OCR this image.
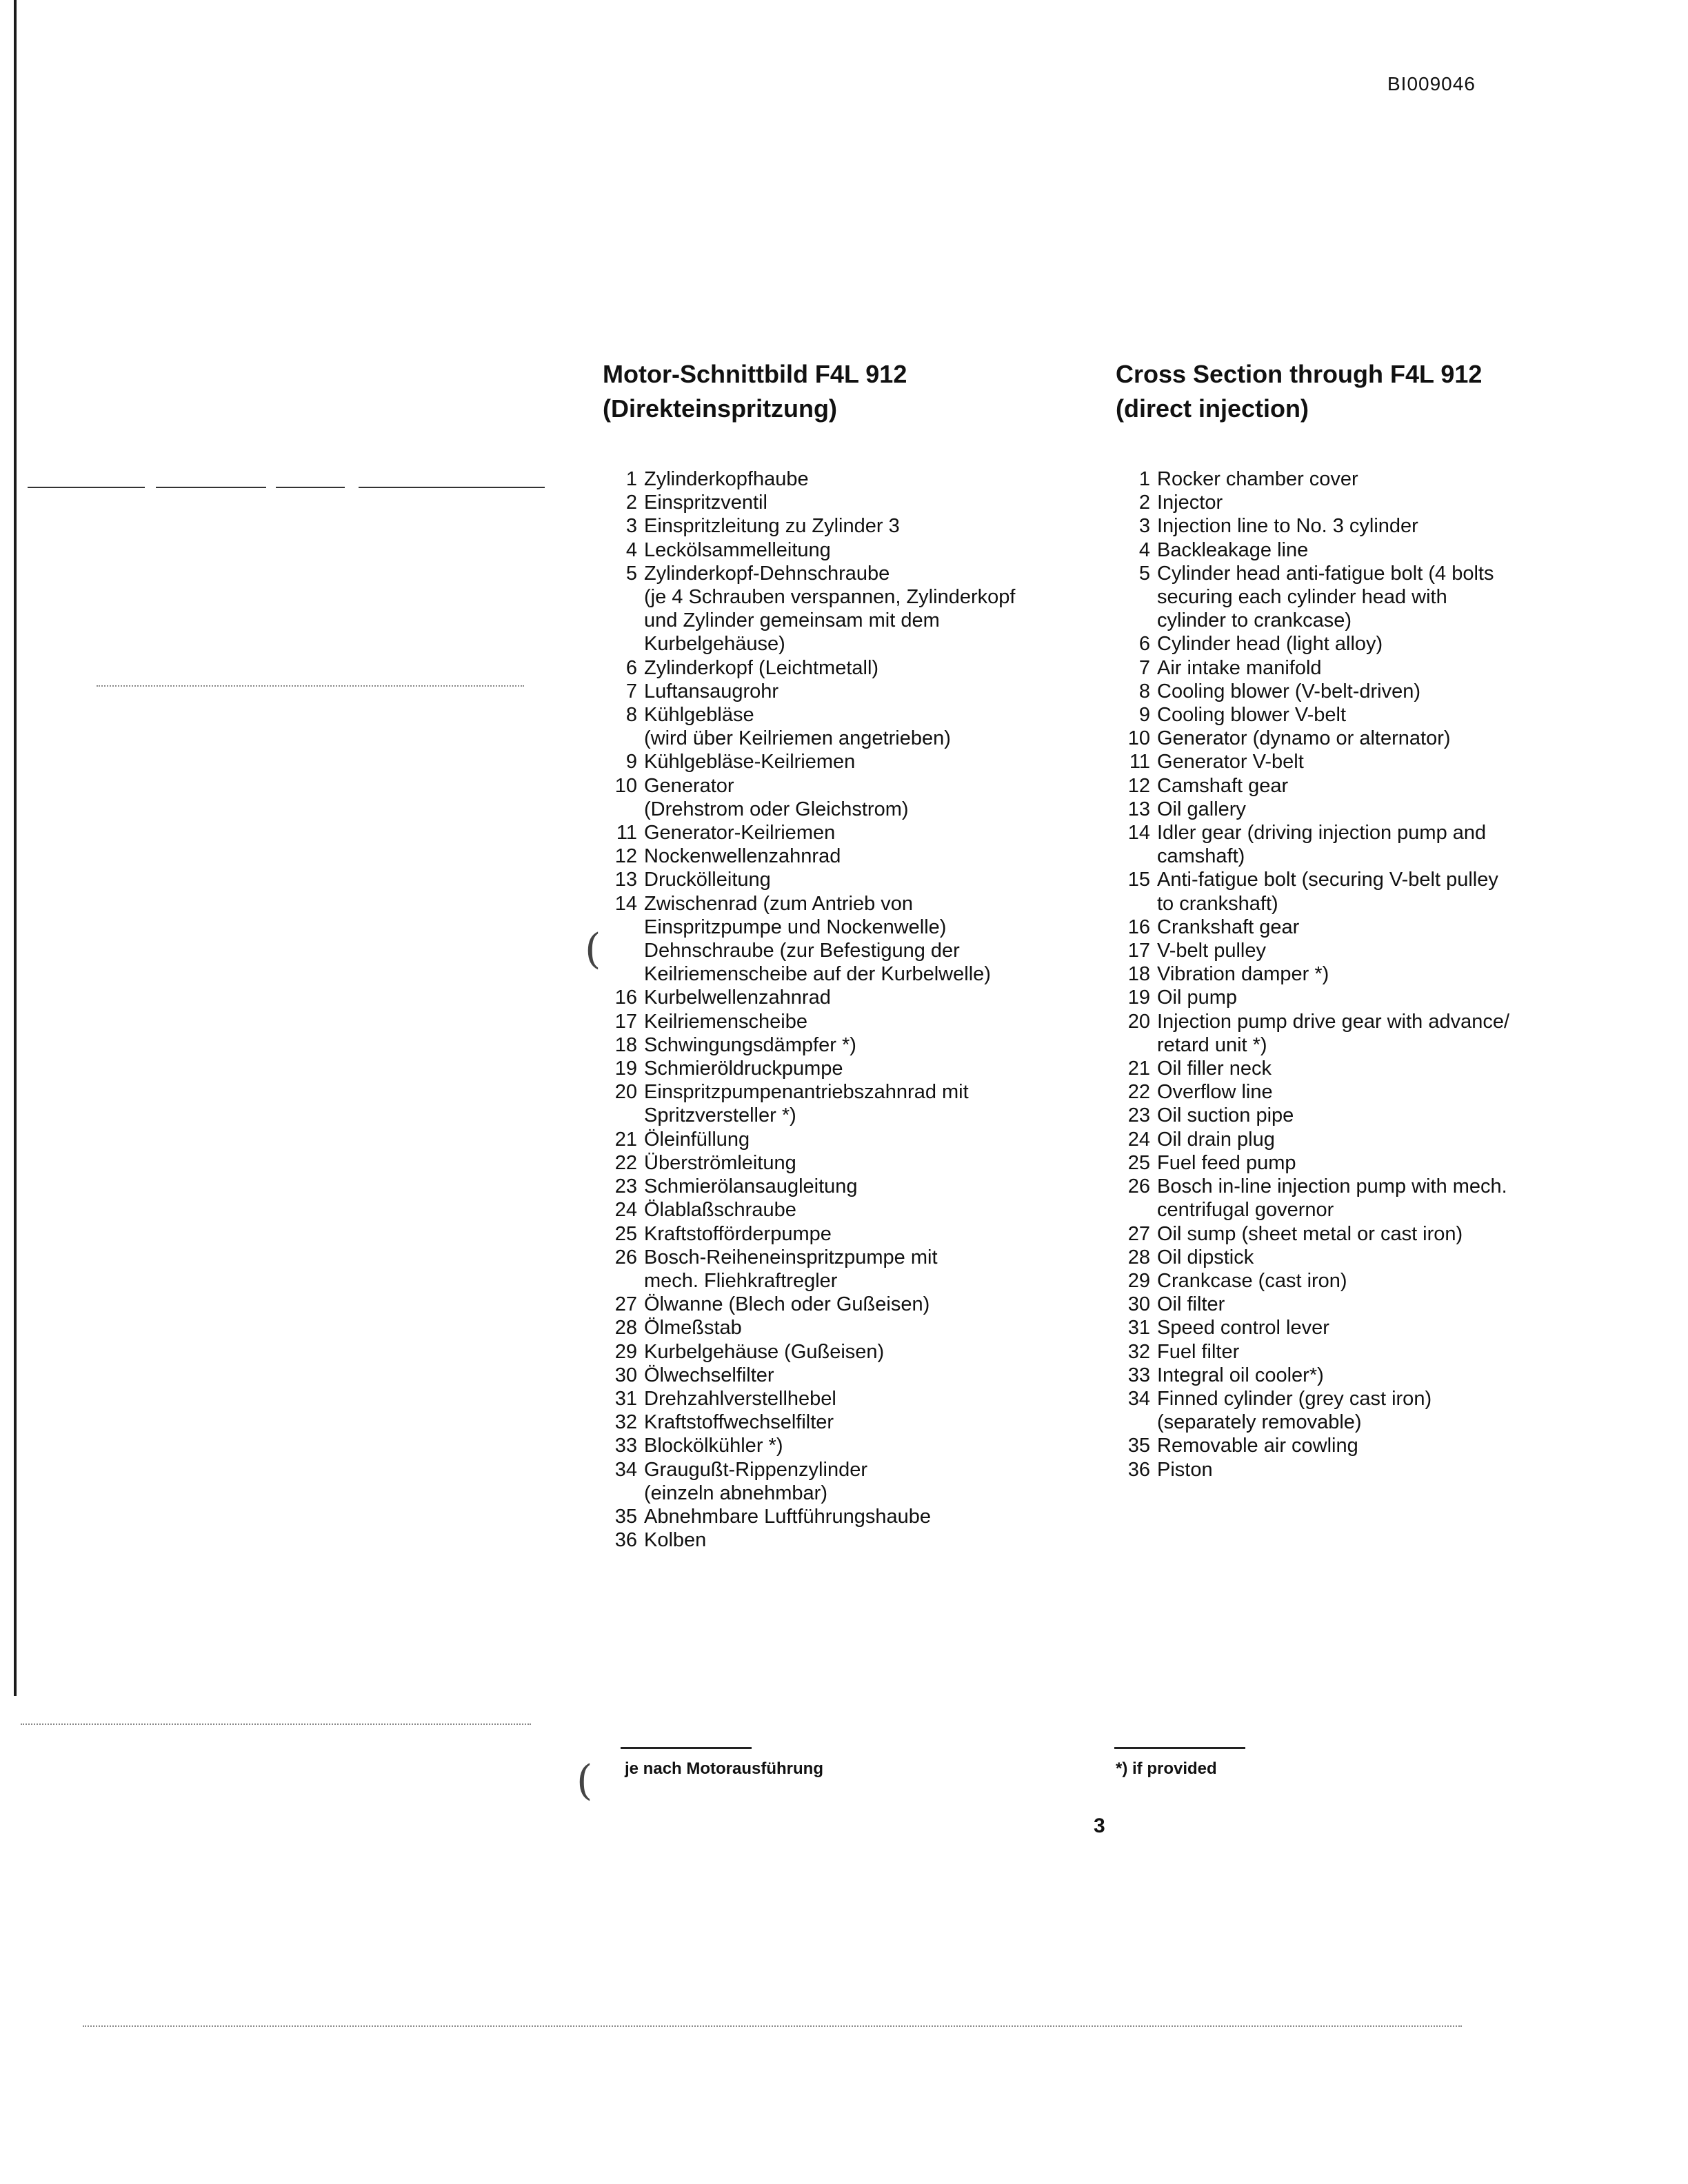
BI009046
Motor-Schnittbild F4L 912
(Direkteinspritzung)
1 Zylinderkopfhaube
2 Einspritzventil
3 Einspritzleitung zu Zylinder 3
4 Leckölsammelleitung
5 Zylinderkopf-Dehnschraube
(je 4 Schrauben verspannen, Zylinderkopf
und Zylinder gemeinsam mit dem
Kurbelgehäuse)
6 Zylinderkopf (Leichtmetall)
7 Luftansaugrohr
8 Kühlgebläse
(wird über Keilriemen angetrieben)
9 Kühlgebläse-Keilriemen
10 Generator
(Drehstrom oder Gleichstrom)
11 Generator-Keilriemen
12 Nockenwellenzahnrad
13 Druckölleitung
14 Zwischenrad (zum Antrieb von
Einspritzpumpe und Nockenwelle)
Dehnschraube (zur Befestigung der
Keilriemenscheibe auf der Kurbelwelle)
16 Kurbelwellenzahnrad
17 Keilriemenscheibe
18 Schwingungsdämpfer *)
19 Schmieröldruckpumpe
20 Einspritzpumpenantriebszahnrad mit
Spritzversteller *)
21 Öleinfüllung
22 Überströmleitung
23 Schmierölansaugleitung
24 Ölablaßschraube
25 Kraftstofförderpumpe
26 Bosch-Reiheneinspritzpumpe mit
mech. Fliehkraftregler
27 Ölwanne (Blech oder Gußeisen)
28 Ölmeßstab
29 Kurbelgehäuse (Gußeisen)
30 Ölwechselfilter
31 Drehzahlverstellhebel
32 Kraftstoffwechselfilter
33 Blockölkühler *)
34 Graugußt-Rippenzylinder
(einzeln abnehmbar)
35 Abnehmbare Luftführungshaube
36 Kolben
Cross Section through F4L 912
(direct injection)
1 Rocker chamber cover
2 Injector
3 Injection line to No. 3 cylinder
4 Backleakage line
5 Cylinder head anti-fatigue bolt (4 bolts
securing each cylinder head with
cylinder to crankcase)
6 Cylinder head (light alloy)
7 Air intake manifold
8 Cooling blower (V-belt-driven)
9 Cooling blower V-belt
10 Generator (dynamo or alternator)
11 Generator V-belt
12 Camshaft gear
13 Oil gallery
14 Idler gear (driving injection pump and
camshaft)
15 Anti-fatigue bolt (securing V-belt pulley
to crankshaft)
16 Crankshaft gear
17 V-belt pulley
18 Vibration damper *)
19 Oil pump
20 Injection pump drive gear with advance/
retard unit *)
21 Oil filler neck
22 Overflow line
23 Oil suction pipe
24 Oil drain plug
25 Fuel feed pump
26 Bosch in-line injection pump with mech.
centrifugal governor
27 Oil sump (sheet metal or cast iron)
28 Oil dipstick
29 Crankcase (cast iron)
30 Oil filter
31 Speed control lever
32 Fuel filter
33 Integral oil cooler*)
34 Finned cylinder (grey cast iron)
(separately removable)
35 Removable air cowling
36 Piston
(
( je nach Motorausführung	*) if provided
3
